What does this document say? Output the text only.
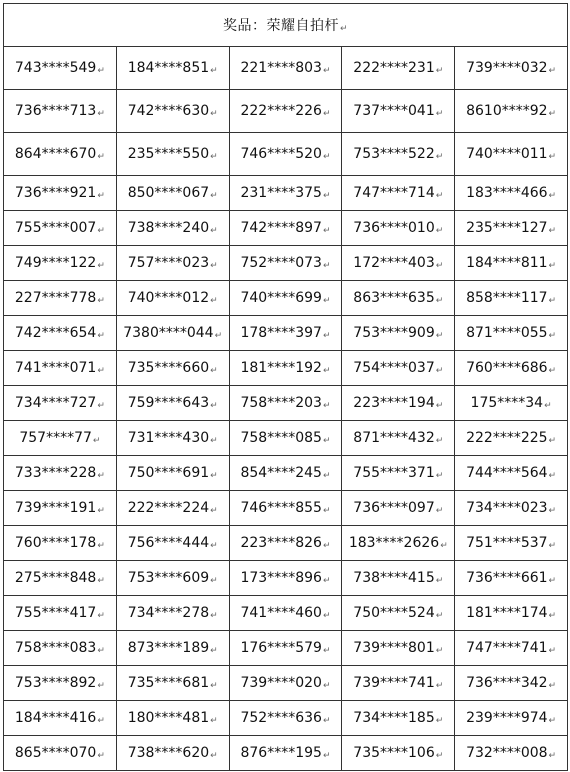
奖品：荣耀自拍杆↵				
743****549↵	184****851↵	221****803↵	222****231↵	739****032↵
736****713↵	742****630↵	222****226↵	737****041↵	8610****92↵
864****670↵	235****550↵	746****520↵	753****522↵	740****011↵
736****921↵	850****067↵	231****375↵	747****714↵	183****466↵
755****007↵	738****240↵	742****897↵	736****010↵	235****127↵
749****122↵	757****023↵	752****073↵	172****403↵	184****811↵
227****778↵	740****012↵	740****699↵	863****635↵	858****117↵
742****654↵	7380****044↵	178****397↵	753****909↵	871****055↵
741****071↵	735****660↵	181****192↵	754****037↵	760****686↵
734****727↵	759****643↵	758****203↵	223****194↵	175****34↵
757****77↵	731****430↵	758****085↵	871****432↵	222****225↵
733****228↵	750****691↵	854****245↵	755****371↵	744****564↵
739****191↵	222****224↵	746****855↵	736****097↵	734****023↵
760****178↵	756****444↵	223****826↵	183****2626↵	751****537↵
275****848↵	753****609↵	173****896↵	738****415↵	736****661↵
755****417↵	734****278↵	741****460↵	750****524↵	181****174↵
758****083↵	873****189↵	176****579↵	739****801↵	747****741↵
753****892↵	735****681↵	739****020↵	739****741↵	736****342↵
184****416↵	180****481↵	752****636↵	734****185↵	239****974↵
865****070↵	738****620↵	876****195↵	735****106↵	732****008↵
